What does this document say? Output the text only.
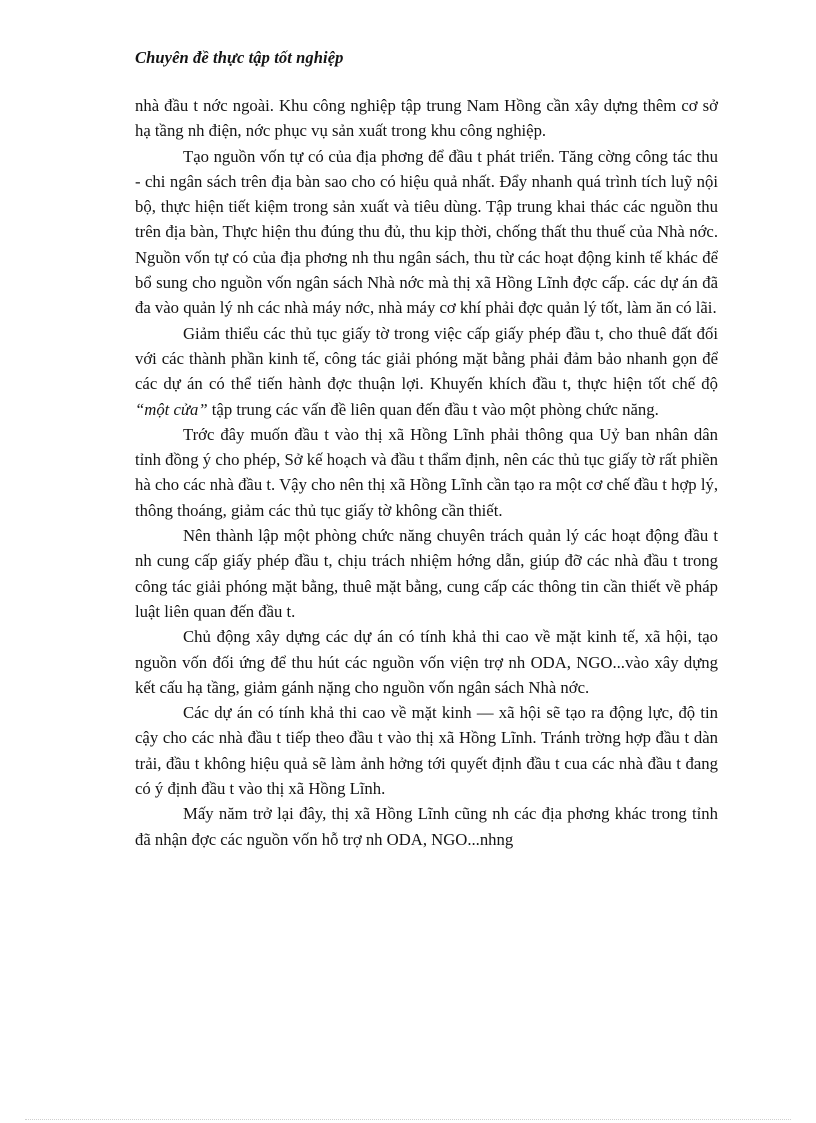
Chuyên đề thực tập tốt nghiệp

nhà đầu t nớc ngoài. Khu công nghiệp tập trung Nam Hồng cần xây dựng thêm cơ sở hạ tầng nh điện, nớc phục vụ sản xuất trong khu công nghiệp.

Tạo nguồn vốn tự có của địa phơng để đầu t phát triển. Tăng cờng công tác thu - chi ngân sách trên địa bàn sao cho có hiệu quả nhất. Đẩy nhanh quá trình tích luỹ nội bộ, thực hiện tiết kiệm trong sản xuất và tiêu dùng. Tập trung khai thác các nguồn thu trên địa bàn, Thực hiện thu đúng thu đủ, thu kịp thời, chống thất thu thuế của Nhà nớc. Nguồn vốn tự có của địa phơng nh thu ngân sách, thu từ các hoạt động kinh tế khác để bổ sung cho nguồn vốn ngân sách Nhà nớc mà thị xã Hồng Lĩnh đợc cấp. các dự án đã đa vào quản lý nh các nhà máy nớc, nhà máy cơ khí phải đợc quản lý tốt, làm ăn có lãi.

Giảm thiểu các thủ tục giấy tờ trong việc cấp giấy phép đầu t, cho thuê đất đối với các thành phần kinh tế, công tác giải phóng mặt bằng phải đảm bảo nhanh gọn để các dự án có thể tiến hành đợc thuận lợi. Khuyến khích đầu t, thực hiện tốt chế độ “một cửa” tập trung các vấn đề liên quan đến đầu t vào một phòng chức năng.

Trớc đây muốn đầu t vào thị xã Hồng Lĩnh phải thông qua Uỷ ban nhân dân tỉnh đồng ý cho phép, Sở kế hoạch và đầu t thẩm định, nên các thủ tục giấy tờ rất phiền hà cho các nhà đầu t. Vậy cho nên thị xã Hồng Lĩnh cần tạo ra một cơ chế đầu t hợp lý, thông thoáng, giảm các thủ tục giấy tờ không cần thiết.

Nên thành lập một phòng chức năng chuyên trách quản lý các hoạt động đầu t nh cung cấp giấy phép đầu t, chịu trách nhiệm hớng dẫn, giúp đỡ các nhà đầu t trong công tác giải phóng mặt bằng, thuê mặt bằng, cung cấp các thông tin cần thiết về pháp luật liên quan đến đầu t.

Chủ động xây dựng các dự án có tính khả thi cao về mặt kinh tế, xã hội, tạo nguồn vốn đối ứng để thu hút các nguồn vốn viện trợ nh ODA, NGO...vào xây dựng kết cấu hạ tầng, giảm gánh nặng cho nguồn vốn ngân sách Nhà nớc.

Các dự án có tính khả thi cao về mặt kinh — xã hội sẽ tạo ra động lực, độ tin cậy cho các nhà đầu t tiếp theo đầu t vào thị xã Hồng Lĩnh. Tránh trờng hợp đầu t dàn trải, đầu t không hiệu quả sẽ làm ảnh hởng tới quyết định đầu t cua các nhà đầu t đang có ý định đầu t vào thị xã Hồng Lĩnh.

Mấy năm trở lại đây, thị xã Hồng Lĩnh cũng nh các địa phơng khác trong tỉnh đã nhận đợc các nguồn vốn hỗ trợ nh ODA, NGO...nhng
